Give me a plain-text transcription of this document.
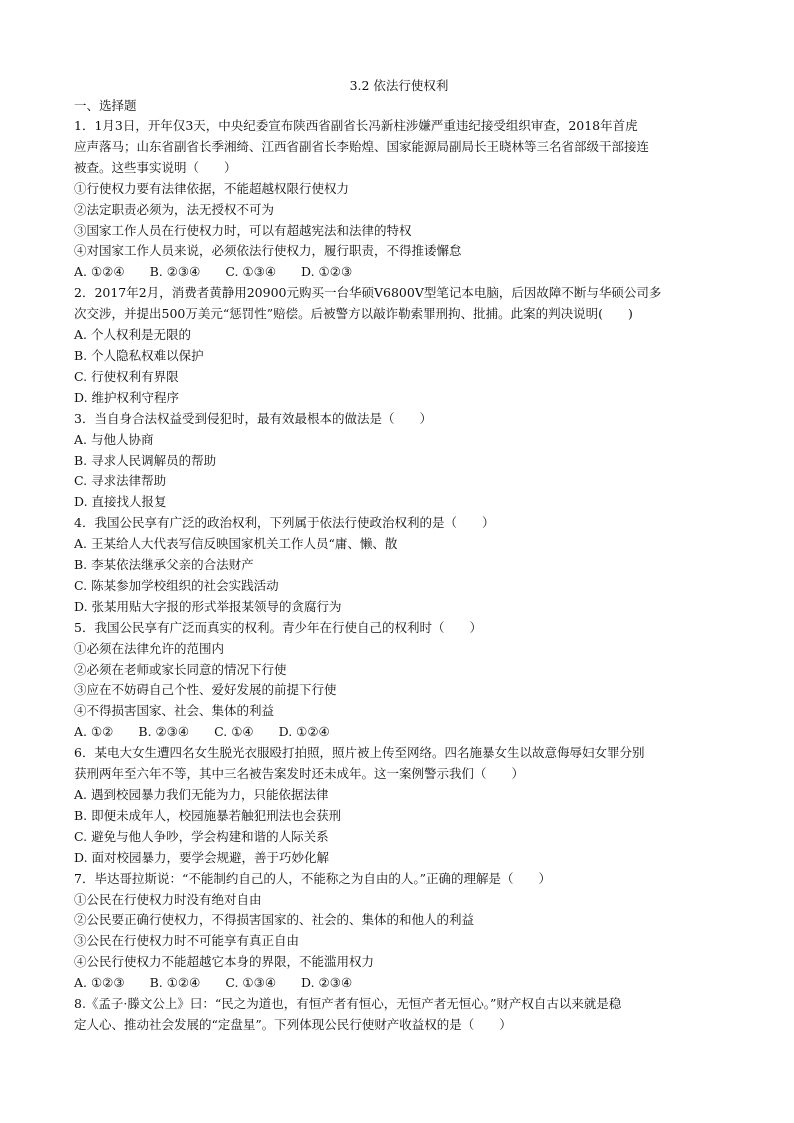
3.2 依法行使权利
一、选择题
1．1月3日，开年仅3天，中央纪委宣布陕西省副省长冯新柱涉嫌严重违纪接受组织审查，2018年首虎
应声落马；山东省副省长季湘绮、江西省副省长李贻煌、国家能源局副局长王晓林等三名省部级干部接连
被查。这些事实说明（　　）
①行使权力要有法律依据，不能超越权限行使权力
②法定职责必须为，法无授权不可为
③国家工作人员在行使权力时，可以有超越宪法和法律的特权
④对国家工作人员来说，必须依法行使权力，履行职责，不得推诿懈怠
A. ①②④　　B. ②③④　　C. ①③④　　D. ①②③
2．2017年2月，消费者黄静用20900元购买一台华硕V6800V型笔记本电脑，后因故障不断与华硕公司多
次交涉，并提出500万美元“惩罚性”赔偿。后被警方以敲诈勒索罪刑拘、批捕。此案的判决说明(　　)
A. 个人权利是无限的
B. 个人隐私权难以保护
C. 行使权利有界限
D. 维护权利守程序
3．当自身合法权益受到侵犯时，最有效最根本的做法是（　　）
A. 与他人协商
B. 寻求人民调解员的帮助
C. 寻求法律帮助
D. 直接找人报复
4．我国公民享有广泛的政治权利，下列属于依法行使政治权利的是（　　）
A. 王某给人大代表写信反映国家机关工作人员“庸、懒、散
B. 李某依法继承父亲的合法财产
C. 陈某参加学校组织的社会实践活动
D. 张某用贴大字报的形式举报某领导的贪腐行为
5．我国公民享有广泛而真实的权利。青少年在行使自己的权利时（　　）
①必须在法律允许的范围内
②必须在老师或家长同意的情况下行使
③应在不妨碍自己个性、爱好发展的前提下行使
④不得损害国家、社会、集体的利益
A. ①②　　B. ②③④　　C. ①④　　D. ①②④
6．某电大女生遭四名女生脱光衣服殴打拍照，照片被上传至网络。四名施暴女生以故意侮辱妇女罪分别
获刑两年至六年不等，其中三名被告案发时还未成年。这一案例警示我们（　　）
A. 遇到校园暴力我们无能为力，只能依据法律
B. 即便未成年人，校园施暴若触犯刑法也会获刑
C. 避免与他人争吵，学会构建和谐的人际关系
D. 面对校园暴力，要学会规避，善于巧妙化解
7．毕达哥拉斯说：“不能制约自己的人，不能称之为自由的人。”正确的理解是（　　）
①公民在行使权力时没有绝对自由
②公民要正确行使权力，不得损害国家的、社会的、集体的和他人的利益
③公民在行使权力时不可能享有真正自由
④公民行使权力不能超越它本身的界限，不能滥用权力
A. ①②③　　B. ①②④　　C. ①③④　　D. ②③④
8.《孟子·滕文公上》曰：“民之为道也，有恒产者有恒心，无恒产者无恒心。”财产权自古以来就是稳
定人心、推动社会发展的“定盘星”。下列体现公民行使财产收益权的是（　　）
